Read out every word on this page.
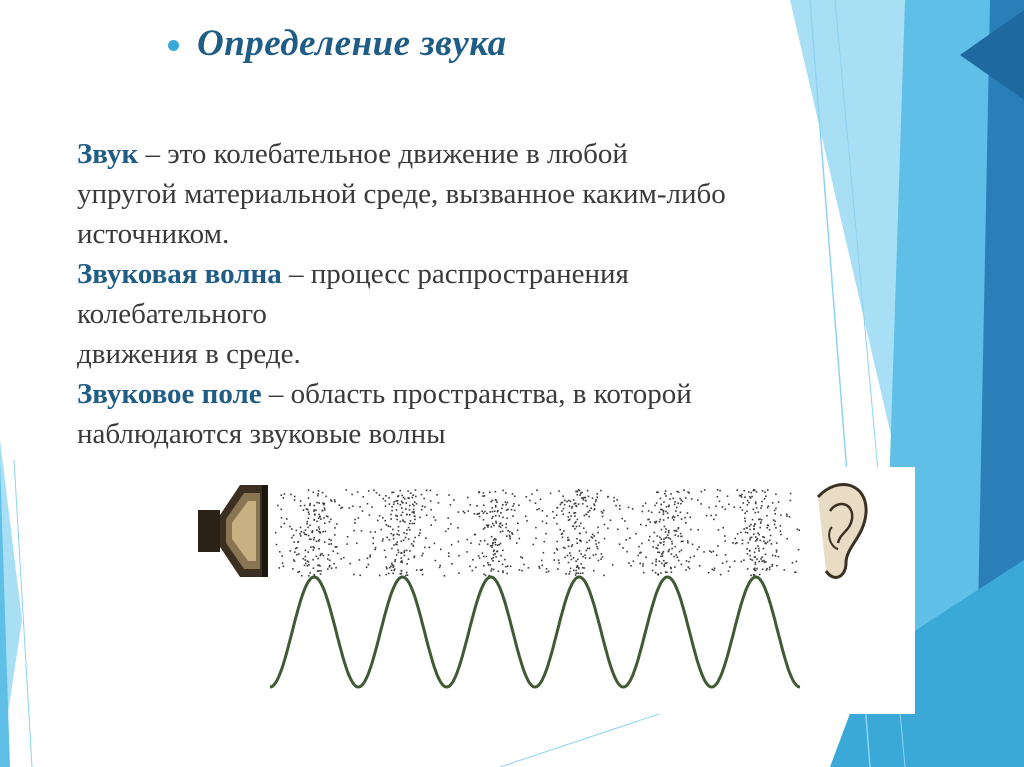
Определение звука

Звук – это колебательное движение в любой
упругой материальной среде, вызванное каким-либо
источником.

Звуковая волна – процесс распространения
колебательного
движения в среде.

Звуковое поле – область пространства, в которой
наблюдаются звуковые волны
